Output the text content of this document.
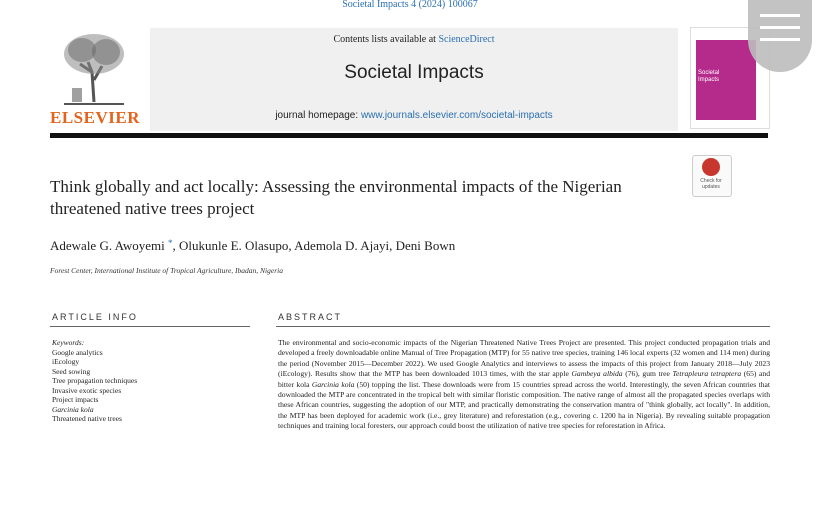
Societal Impacts 4 (2024) 100067
ELSEVIER
Contents lists available at ScienceDirect
Societal Impacts
journal homepage: www.journals.elsevier.com/societal-impacts
Societal
Impacts
Think globally and act locally: Assessing the environmental impacts of the Nigerian threatened native trees project
Check for updates
Adewale G. Awoyemi *, Olukunle E. Olasupo, Ademola D. Ajayi, Deni Bown
Forest Center, International Institute of Tropical Agriculture, Ibadan, Nigeria
ARTICLE INFO	ABSTRACT
Keywords:
Google analytics
iEcology
Seed sowing
Tree propagation techniques
Invasive exotic species
Project impacts
Garcinia kola
Threatened native trees
The environmental and socio-economic impacts of the Nigerian Threatened Native Trees Project are presented. This project conducted propagation trials and developed a freely downloadable online Manual of Tree Propagation (MTP) for 55 native tree species, training 146 local experts (32 women and 114 men) during the period (November 2015—December 2022). We used Google Analytics and interviews to assess the impacts of this project from January 2018—July 2023 (iEcology). Results show that the MTP has been downloaded 1013 times, with the star apple Gambeya albida (76), gum tree Tetrapleura tetraptera (65) and bitter kola Garcinia kola (50) topping the list. These downloads were from 15 countries spread across the world. Interestingly, the seven African countries that downloaded the MTP are concentrated in the tropical belt with similar floristic composition. The native range of almost all the propagated species overlaps with these African countries, suggesting the adoption of our MTP, and practically demonstrating the conservation mantra of "think globally, act locally". In addition, the MTP has been deployed for academic work (i.e., grey literature) and reforestation (e.g., covering c. 1200 ha in Nigeria). By revealing suitable propagation techniques and training local foresters, our approach could boost the utilization of native tree species for reforestation in Africa.
